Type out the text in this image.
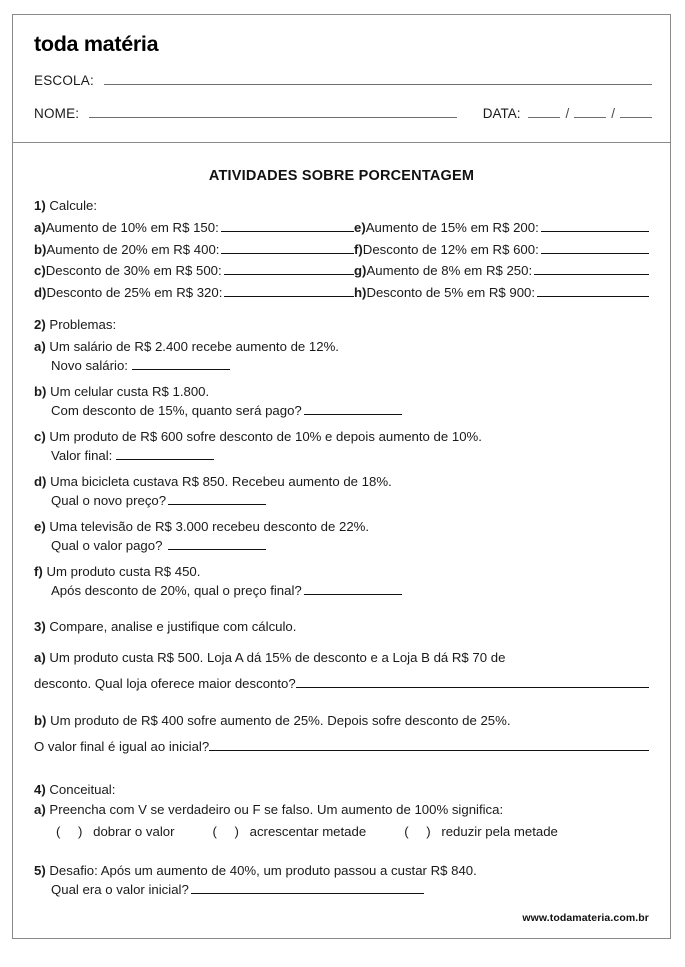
toda matéria
ESCOLA:
NOME:	DATA:	/	/
ATIVIDADES SOBRE PORCENTAGEM
1) Calcule:
a) Aumento de 10% em R$ 150:	e) Aumento de 15% em R$ 200:
b) Aumento de 20% em R$ 400:	f) Desconto de 12% em R$ 600:
c) Desconto de 30% em R$ 500:	g) Aumento de 8% em R$ 250:
d) Desconto de 25% em R$ 320:	h) Desconto de 5% em R$ 900:
2) Problemas:
a) Um salário de R$ 2.400 recebe aumento de 12%.
Novo salário:
b) Um celular custa R$ 1.800.
Com desconto de 15%, quanto será pago?
c) Um produto de R$ 600 sofre desconto de 10% e depois aumento de 10%.
Valor final:
d) Uma bicicleta custava R$ 850. Recebeu aumento de 18%.
Qual o novo preço?
e) Uma televisão de R$ 3.000 recebeu desconto de 22%.
Qual o valor pago?
f) Um produto custa R$ 450.
Após desconto de 20%, qual o preço final?
3) Compare, analise e justifique com cálculo.
a) Um produto custa R$ 500. Loja A dá 15% de desconto e a Loja B dá R$ 70 de
desconto. Qual loja oferece maior desconto?
b) Um produto de R$ 400 sofre aumento de 25%. Depois sofre desconto de 25%.
O valor final é igual ao inicial?
4) Conceitual:
a) Preencha com V se verdadeiro ou F se falso. Um aumento de 100% significa:
( ) dobrar o valor	( ) acrescentar metade	( ) reduzir pela metade
5) Desafio: Após um aumento de 40%, um produto passou a custar R$ 840.
Qual era o valor inicial?
www.todamateria.com.br
